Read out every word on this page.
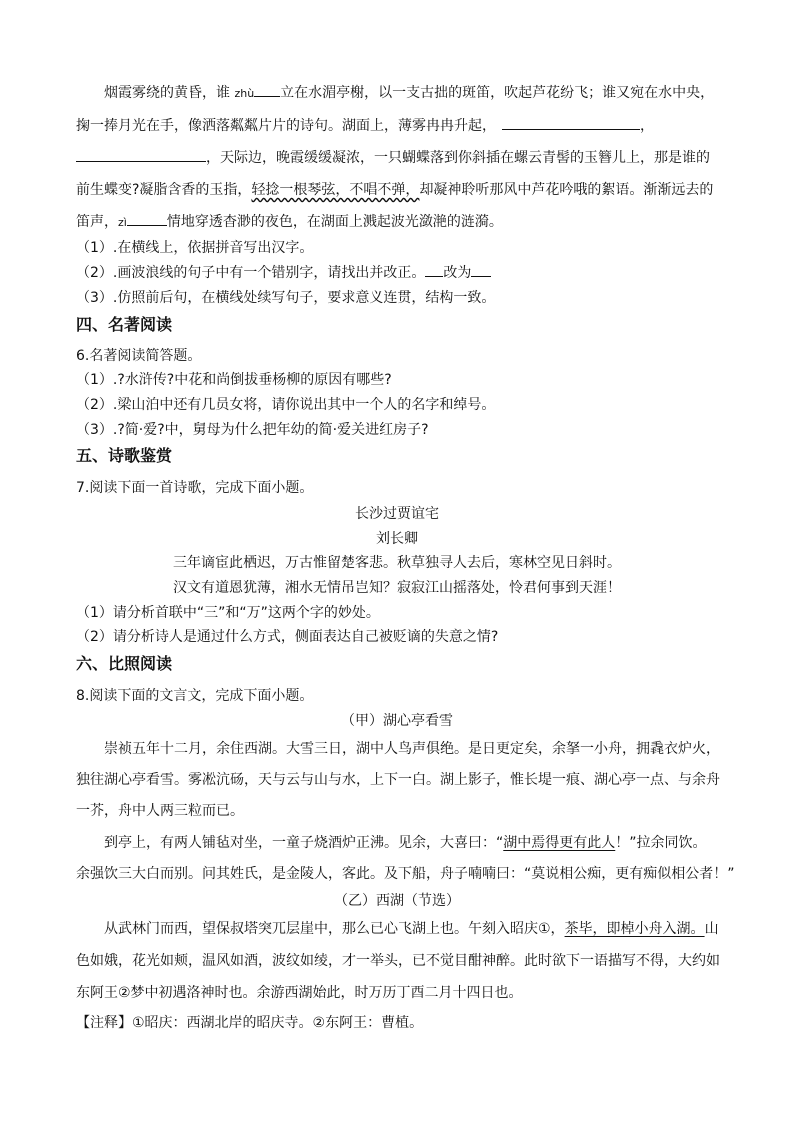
烟霞雾绕的黄昏，谁 zhù 立在水湄亭榭，以一支古拙的斑笛，吹起芦花纷飞；谁又宛在水中央，
掬一捧月光在手，像洒落粼粼片片的诗句。湖面上，薄雾冉冉升起，	，
，天际边，晚霞缓缓凝浓，一只蝴蝶落到你斜插在螺云青髻的玉簪儿上，那是谁的
前生蝶变?凝脂含香的玉指，轻捻一根琴弦，不唱不弹，却凝神聆听那风中芦花吟哦的絮语。渐渐远去的
笛声，zì	情地穿透杳渺的夜色，在湖面上溅起波光潋滟的涟漪。
（1）.在横线上，依据拼音写出汉字。
（2）.画波浪线的句子中有一个错别字，请找出并改正。 改为
（3）.仿照前后句，在横线处续写句子，要求意义连贯，结构一致。
四、名著阅读
6.名著阅读简答题。
（1）.?水浒传?中花和尚倒拔垂杨柳的原因有哪些?
（2）.梁山泊中还有几员女将，请你说出其中一个人的名字和绰号。
（3）.?简·爱?中，舅母为什么把年幼的简·爱关进红房子?
五、诗歌鉴赏
7.阅读下面一首诗歌，完成下面小题。
长沙过贾谊宅
刘长卿
三年谪宦此栖迟，万古惟留楚客悲。秋草独寻人去后，寒林空见日斜时。
汉文有道恩犹薄，湘水无情吊岂知？寂寂江山摇落处，怜君何事到天涯！
（1）请分析首联中“三”和“万”这两个字的妙处。
（2）请分析诗人是通过什么方式，侧面表达自己被贬谪的失意之情?
六、比照阅读
8.阅读下面的文言文，完成下面小题。
（甲）湖心亭看雪
崇祯五年十二月，余住西湖。大雪三日，湖中人鸟声俱绝。是日更定矣，余拏一小舟，拥毳衣炉火，
独往湖心亭看雪。雾凇沆砀，天与云与山与水，上下一白。湖上影子，惟长堤一痕、湖心亭一点、与余舟
一芥，舟中人两三粒而已。
到亭上，有两人铺毡对坐，一童子烧酒炉正沸。见余，大喜曰：“湖中焉得更有此人！”拉余同饮。
余强饮三大白而别。问其姓氏，是金陵人，客此。及下船，舟子喃喃曰：“莫说相公痴，更有痴似相公者！”
（乙）西湖（节选）
从武林门而西，望保叔塔突兀层崖中，那么已心飞湖上也。午刻入昭庆①，茶毕，即棹小舟入湖。山
色如娥，花光如颊，温风如酒，波纹如绫，才一举头，已不觉目酣神醉。此时欲下一语描写不得，大约如
东阿王②梦中初遇洛神时也。余游西湖始此，时万历丁酉二月十四日也。
【注释】①昭庆：西湖北岸的昭庆寺。②东阿王：曹植。
